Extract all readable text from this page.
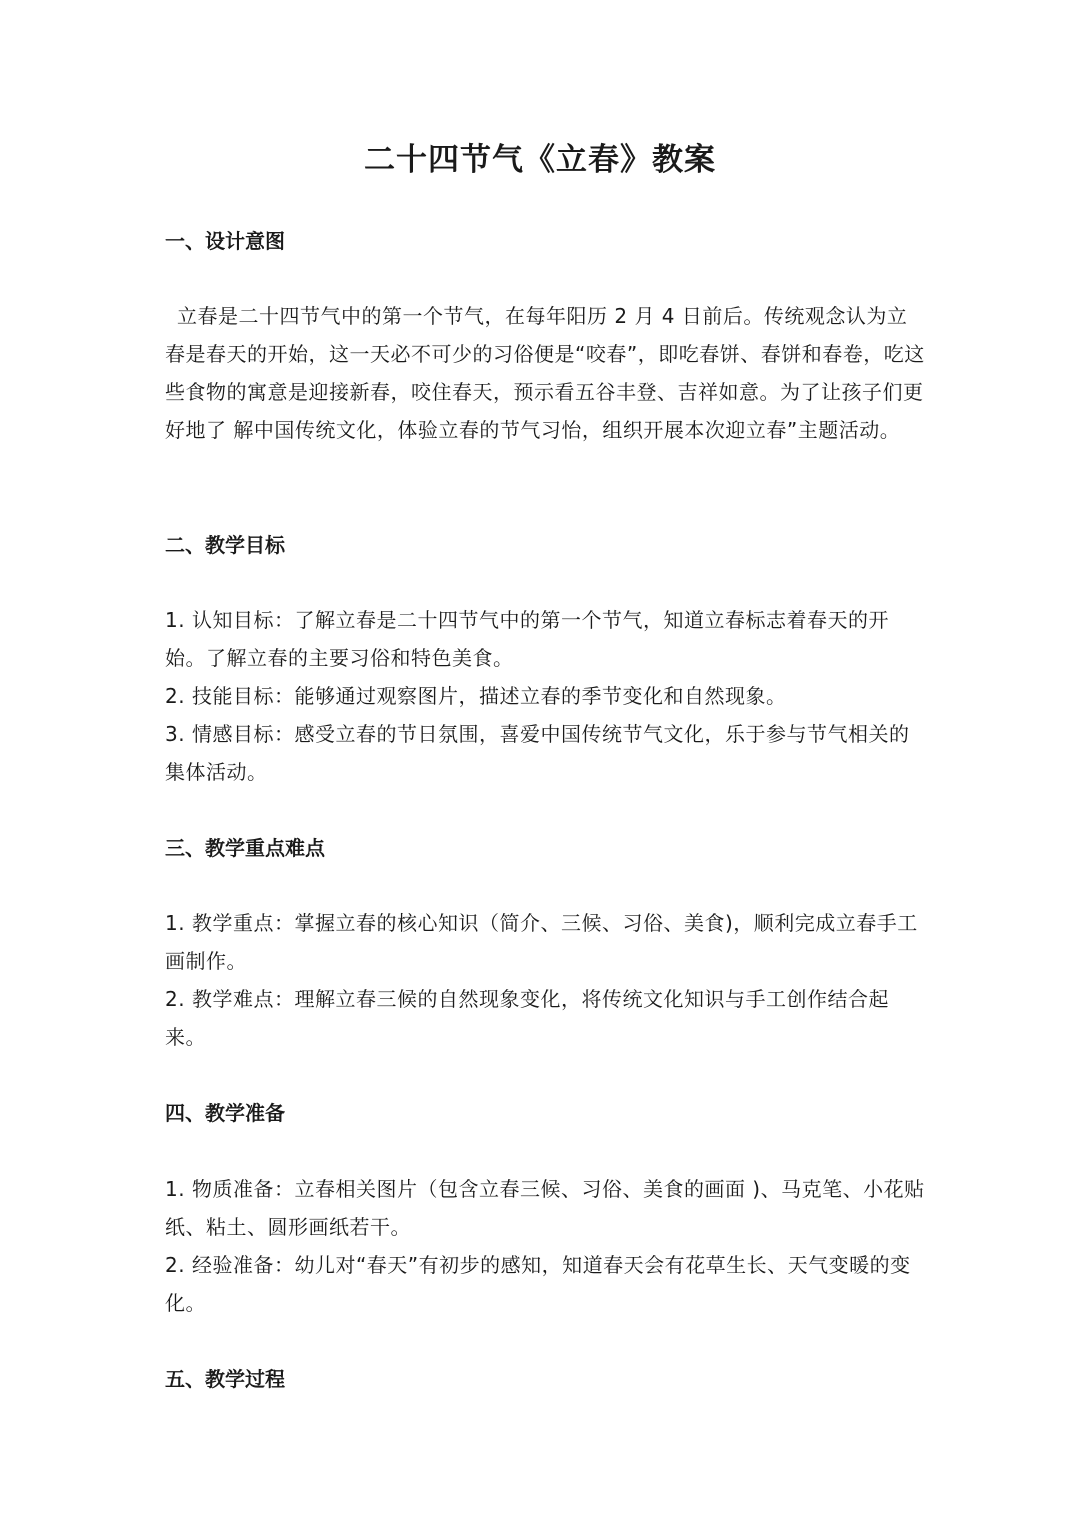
二十四节气《立春》教案

一、设计意图

立春是二十四节气中的第一个节气，在每年阳历 2 月 4 日前后。传统观念认为立春是春天的开始，这一天必不可少的习俗便是“咬春”，即吃春饼、春饼和春卷，吃这些食物的寓意是迎接新春，咬住春天，预示看五谷丰登、吉祥如意。为了让孩子们更好地了 解中国传统文化，体验立春的节气习怡，组织开展本次迎立春”主题活动。

二、教学目标

1. 认知目标：了解立春是二十四节气中的第一个节气，知道立春标志着春天的开始。了解立春的主要习俗和特色美食。

2. 技能目标：能够通过观察图片，描述立春的季节变化和自然现象。

3. 情感目标：感受立春的节日氛围，喜爱中国传统节气文化，乐于参与节气相关的集体活动。

三、教学重点难点

1. 教学重点：掌握立春的核心知识（简介、三候、习俗、美食)，顺利完成立春手工画制作。

2. 教学难点：理解立春三候的自然现象变化，将传统文化知识与手工创作结合起来。

四、教学准备

1. 物质准备：立春相关图片（包含立春三候、习俗、美食的画面 )、马克笔、小花贴纸、粘土、圆形画纸若干。

2. 经验准备：幼儿对“春天”有初步的感知，知道春天会有花草生长、天气变暖的变化。

五、教学过程
